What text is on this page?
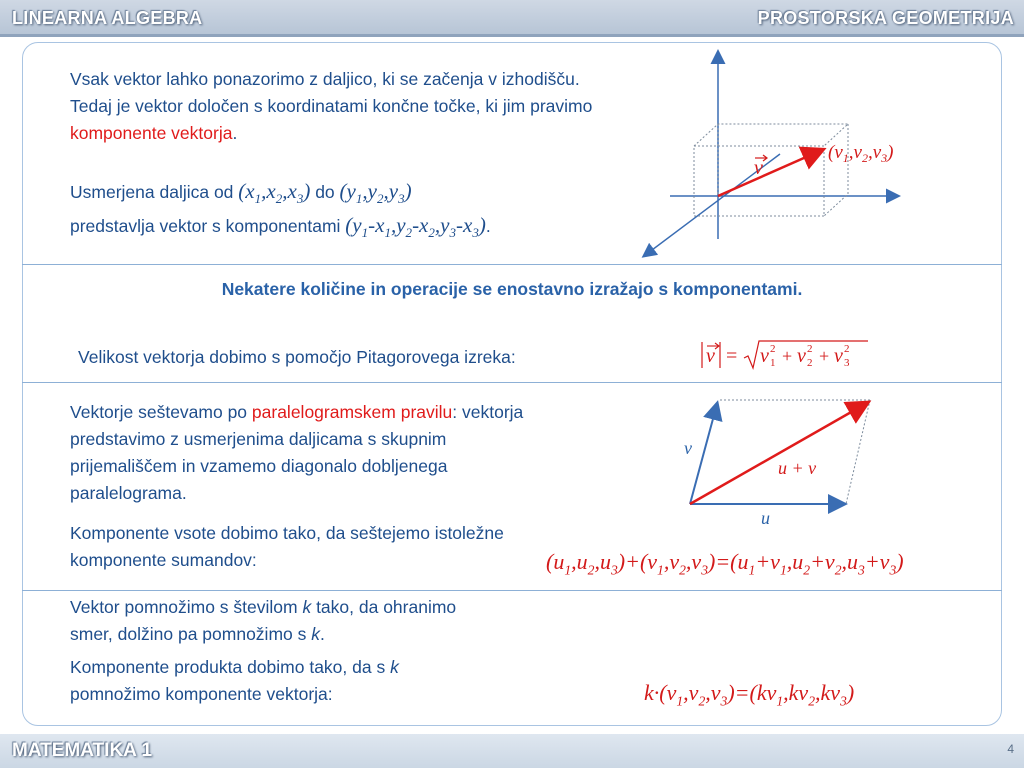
LINEARNA ALGEBRA	PROSTORSKA GEOMETRIJA
Vsak vektor lahko ponazorimo z daljico, ki se začenja v izhodišču. Tedaj je vektor določen s koordinatami končne točke, ki jim pravimo komponente vektorja.
Usmerjena daljica od $(x_1,x_2,x_3)$ do $(y_1,y_2,y_3)$
predstavlja vektor s komponentami $(y_1-x_1,y_2-x_2,y_3-x_3)$.
v
$(v_1,v_2,v_3)$
Nekatere količine in operacije se enostavno izražajo s komponentami.
Velikost vektorja dobimo s pomočjo Pitagorovega izreka:	v = v 1
2 + v 2
2 + v 3
2
Vektorje seštevamo po paralelogramskem pravilu: vektorja predstavimo z usmerjenima daljicama s skupnim prijemališčem in vzamemo diagonalo dobljenega paralelograma.
Komponente vsote dobimo tako, da seštejemo istoležne komponente sumandov:
v
u
u + v
$(u_1,u_2,u_3)+(v_1,v_2,v_3)=(u_1+v_1,u_2+v_2,u_3+v_3)$
Vektor pomnožimo s številom k tako, da ohranimo smer, dolžino pa pomnožimo s k.
Komponente produkta dobimo tako, da s k pomnožimo komponente vektorja:	$k\cdot(v_1,v_2,v_3)=(kv_1,kv_2,kv_3)$
MATEMATIKA 1	4
